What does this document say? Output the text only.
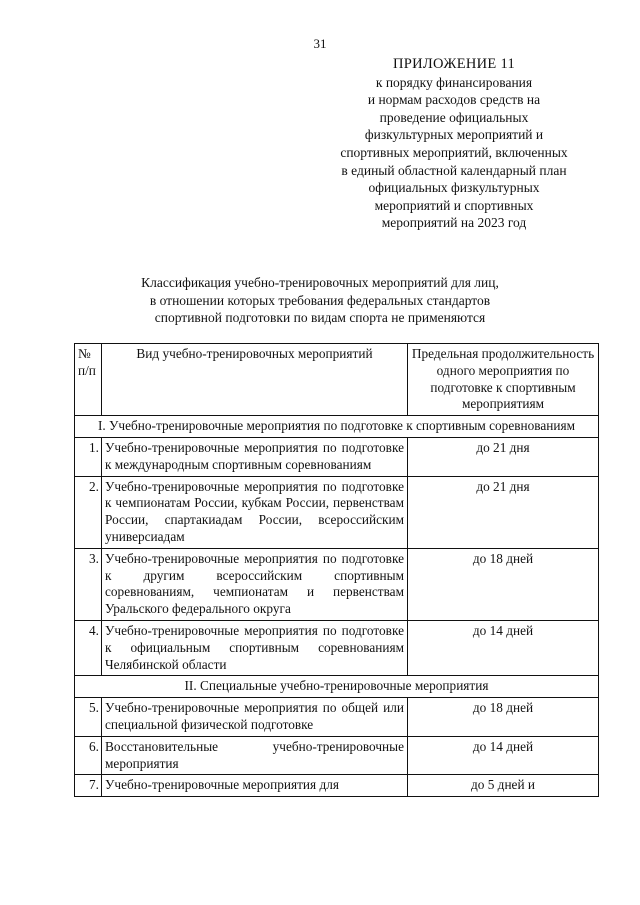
31
ПРИЛОЖЕНИЕ 11
к порядку финансирования
и нормам расходов средств на
проведение официальных
физкультурных мероприятий и
спортивных мероприятий, включенных
в единый областной календарный план
официальных физкультурных
мероприятий и спортивных
мероприятий на 2023 год
Классификация учебно-тренировочных мероприятий для лиц,
в отношении которых требования федеральных стандартов
спортивной подготовки по видам спорта не применяются
№ п/п	Вид учебно-тренировочных мероприятий	Предельная продолжительность одного мероприятия по подготовке к спортивным мероприятиям
I. Учебно-тренировочные мероприятия по подготовке к спортивным соревнованиям		
1.	Учебно-тренировочные мероприятия по подготовке к международным спортивным соревнованиям	до 21 дня
2.	Учебно-тренировочные мероприятия по подготовке к чемпионатам России, кубкам России, первенствам России, спартакиадам России, всероссийским универсиадам	до 21 дня
3.	Учебно-тренировочные мероприятия по подготовке к другим всероссийским спортивным соревнованиям, чемпионатам и первенствам Уральского федерального округа	до 18 дней
4.	Учебно-тренировочные мероприятия по подготовке к официальным спортивным соревнованиям Челябинской области	до 14 дней
II. Специальные учебно-тренировочные мероприятия		
5.	Учебно-тренировочные мероприятия по общей или специальной физической подготовке	до 18 дней
6.	Восстановительные учебно-тренировочные мероприятия	до 14 дней
7.	Учебно-тренировочные мероприятия для	до 5 дней и
